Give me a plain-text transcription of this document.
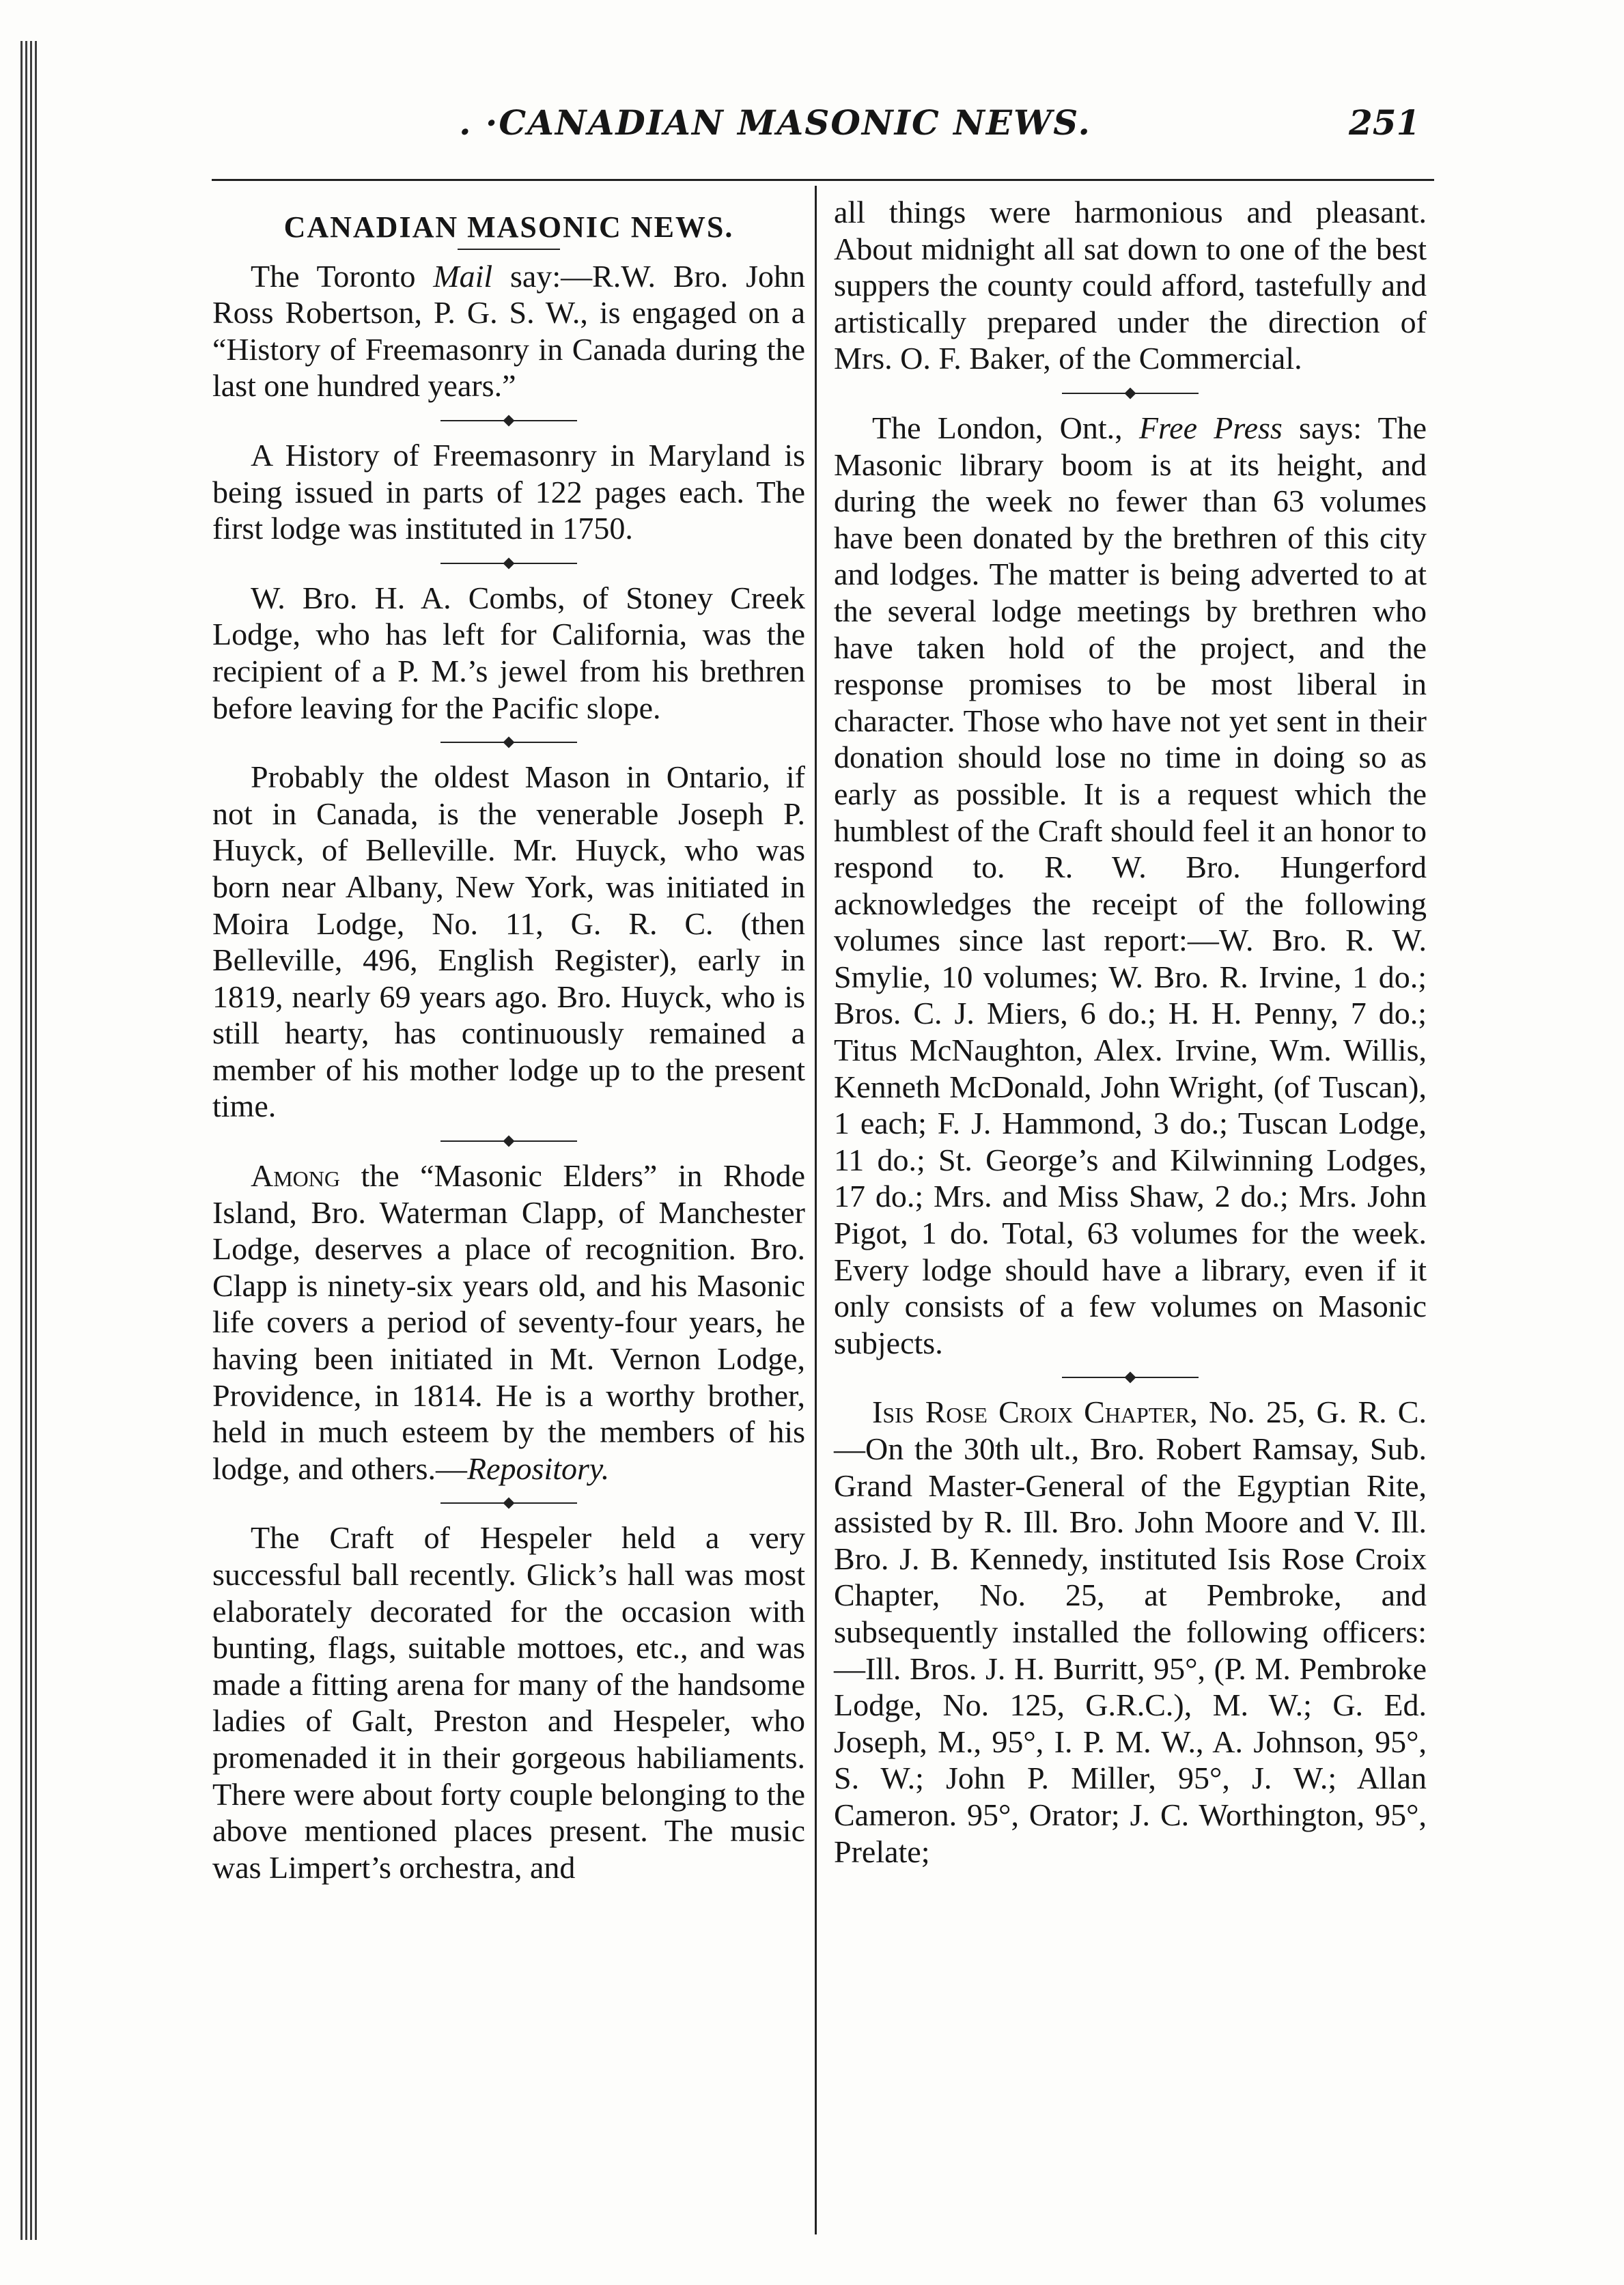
. ·CANADIAN MASONIC NEWS.	251
CANADIAN MASONIC NEWS.

The Toronto Mail say:—R.W. Bro. John Ross Robertson, P. G. S. W., is engaged on a “History of Freemasonry in Canada during the last one hundred years.”

A History of Freemasonry in Maryland is being issued in parts of 122 pages each. The first lodge was instituted in 1750.

W. Bro. H. A. Combs, of Stoney Creek Lodge, who has left for California, was the recipient of a P. M.’s jewel from his brethren before leaving for the Pacific slope.

Probably the oldest Mason in Ontario, if not in Canada, is the venerable Joseph P. Huyck, of Belleville. Mr. Huyck, who was born near Albany, New York, was initiated in Moira Lodge, No. 11, G. R. C. (then Belleville, 496, English Register), early in 1819, nearly 69 years ago. Bro. Huyck, who is still hearty, has continuously remained a member of his mother lodge up to the present time.

Among the “Masonic Elders” in Rhode Island, Bro. Waterman Clapp, of Manchester Lodge, deserves a place of recognition. Bro. Clapp is ninety-six years old, and his Masonic life covers a period of seventy-four years, he having been initiated in Mt. Vernon Lodge, Providence, in 1814. He is a worthy brother, held in much esteem by the members of his lodge, and others.—Repository.

The Craft of Hespeler held a very successful ball recently. Glick’s hall was most elaborately decorated for the occasion with bunting, flags, suitable mottoes, etc., and was made a fitting arena for many of the handsome ladies of Galt, Preston and Hespeler, who promenaded it in their gorgeous habiliaments. There were about forty couple belonging to the above mentioned places present. The music was Limpert’s orchestra, and

all things were harmonious and pleasant. About midnight all sat down to one of the best suppers the county could afford, tastefully and artistically prepared under the direction of Mrs. O. F. Baker, of the Commercial.

The London, Ont., Free Press says: The Masonic library boom is at its height, and during the week no fewer than 63 volumes have been donated by the brethren of this city and lodges. The matter is being adverted to at the several lodge meetings by brethren who have taken hold of the project, and the response promises to be most liberal in character. Those who have not yet sent in their donation should lose no time in doing so as early as possible. It is a request which the humblest of the Craft should feel it an honor to respond to. R. W. Bro. Hungerford acknowledges the receipt of the following volumes since last report:—W. Bro. R. W. Smylie, 10 volumes; W. Bro. R. Irvine, 1 do.; Bros. C. J. Miers, 6 do.; H. H. Penny, 7 do.; Titus McNaughton, Alex. Irvine, Wm. Willis, Kenneth McDonald, John Wright, (of Tuscan), 1 each; F. J. Hammond, 3 do.; Tuscan Lodge, 11 do.; St. George’s and Kilwinning Lodges, 17 do.; Mrs. and Miss Shaw, 2 do.; Mrs. John Pigot, 1 do. Total, 63 volumes for the week. Every lodge should have a library, even if it only consists of a few volumes on Masonic subjects.

Isis Rose Croix Chapter, No. 25, G. R. C.—On the 30th ult., Bro. Robert Ramsay, Sub. Grand Master-General of the Egyptian Rite, assisted by R. Ill. Bro. John Moore and V. Ill. Bro. J. B. Kennedy, instituted Isis Rose Croix Chapter, No. 25, at Pembroke, and subsequently installed the following officers:—Ill. Bros. J. H. Burritt, 95°, (P. M. Pembroke Lodge, No. 125, G.R.C.), M. W.; G. Ed. Joseph, M., 95°, I. P. M. W., A. Johnson, 95°, S. W.; John P. Miller, 95°, J. W.; Allan Cameron. 95°, Orator; J. C. Worthington, 95°, Prelate;
